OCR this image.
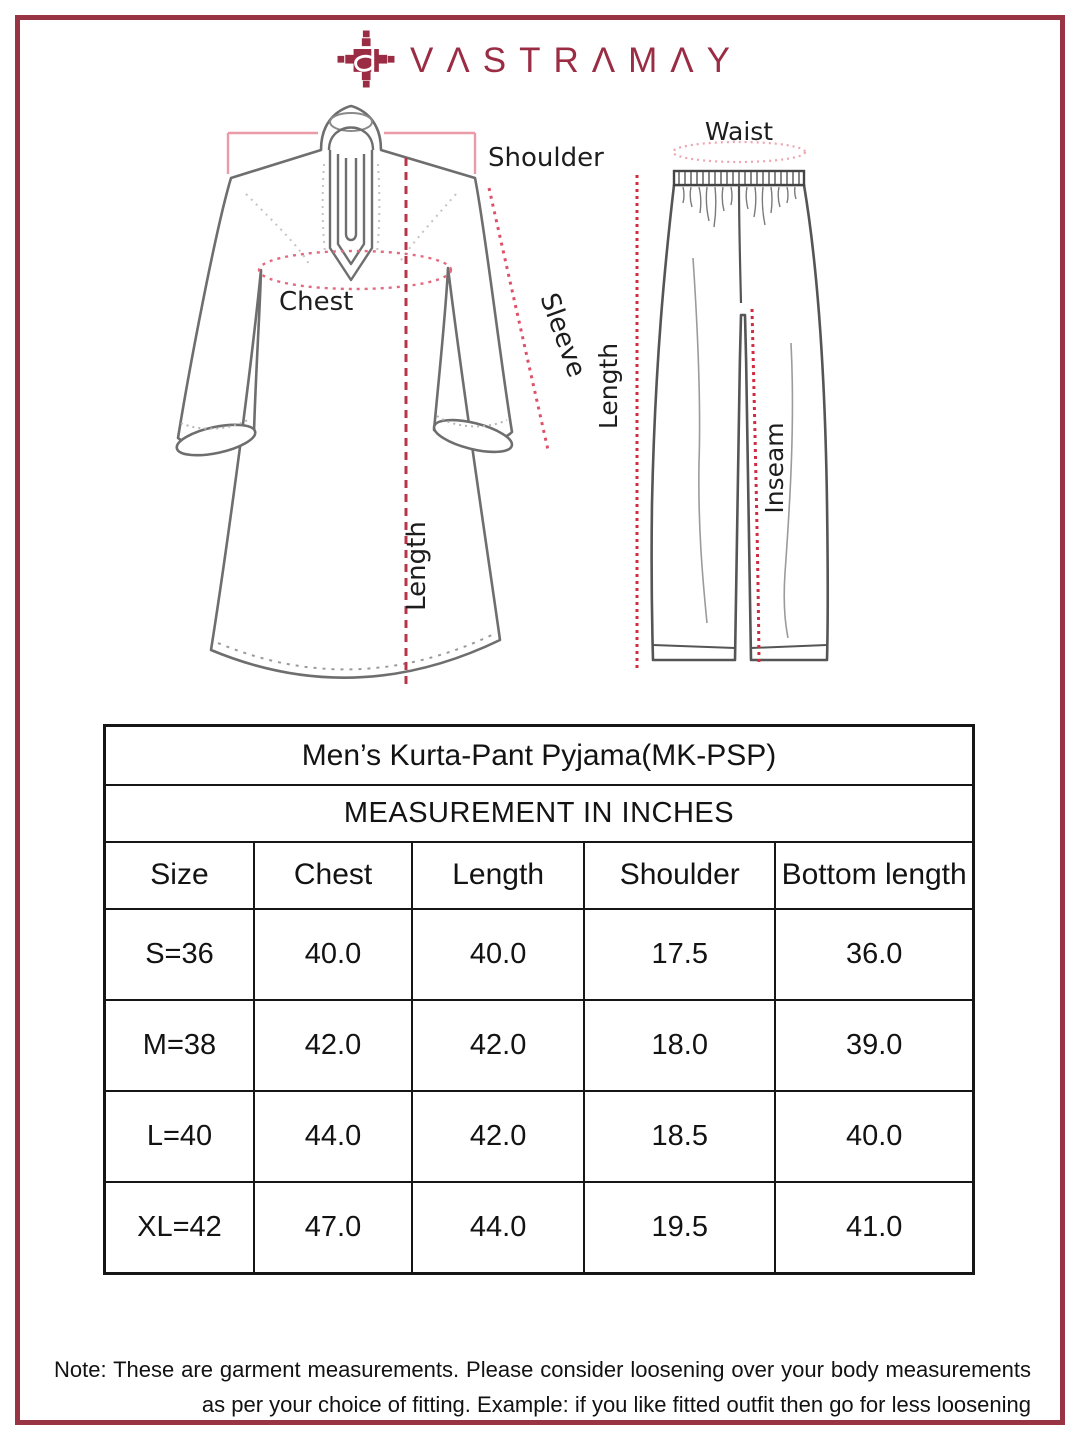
VΛSTRΛMΛY
Shoulder
Chest	Sleeve
Length
Waist
Length
Inseam
Men’s Kurta-Pant Pyjama(MK-PSP)				
MEASUREMENT IN INCHES				
Size	Chest	Length	Shoulder	Bottom length
S=36	40.0	40.0	17.5	36.0
M=38	42.0	42.0	18.0	39.0
L=40	44.0	42.0	18.5	40.0
XL=42	47.0	44.0	19.5	41.0

Note: These are garment measurements. Please consider loosening over your body measurements as per your choice of fitting. Example: if you like fitted outfit then go for less loosening
